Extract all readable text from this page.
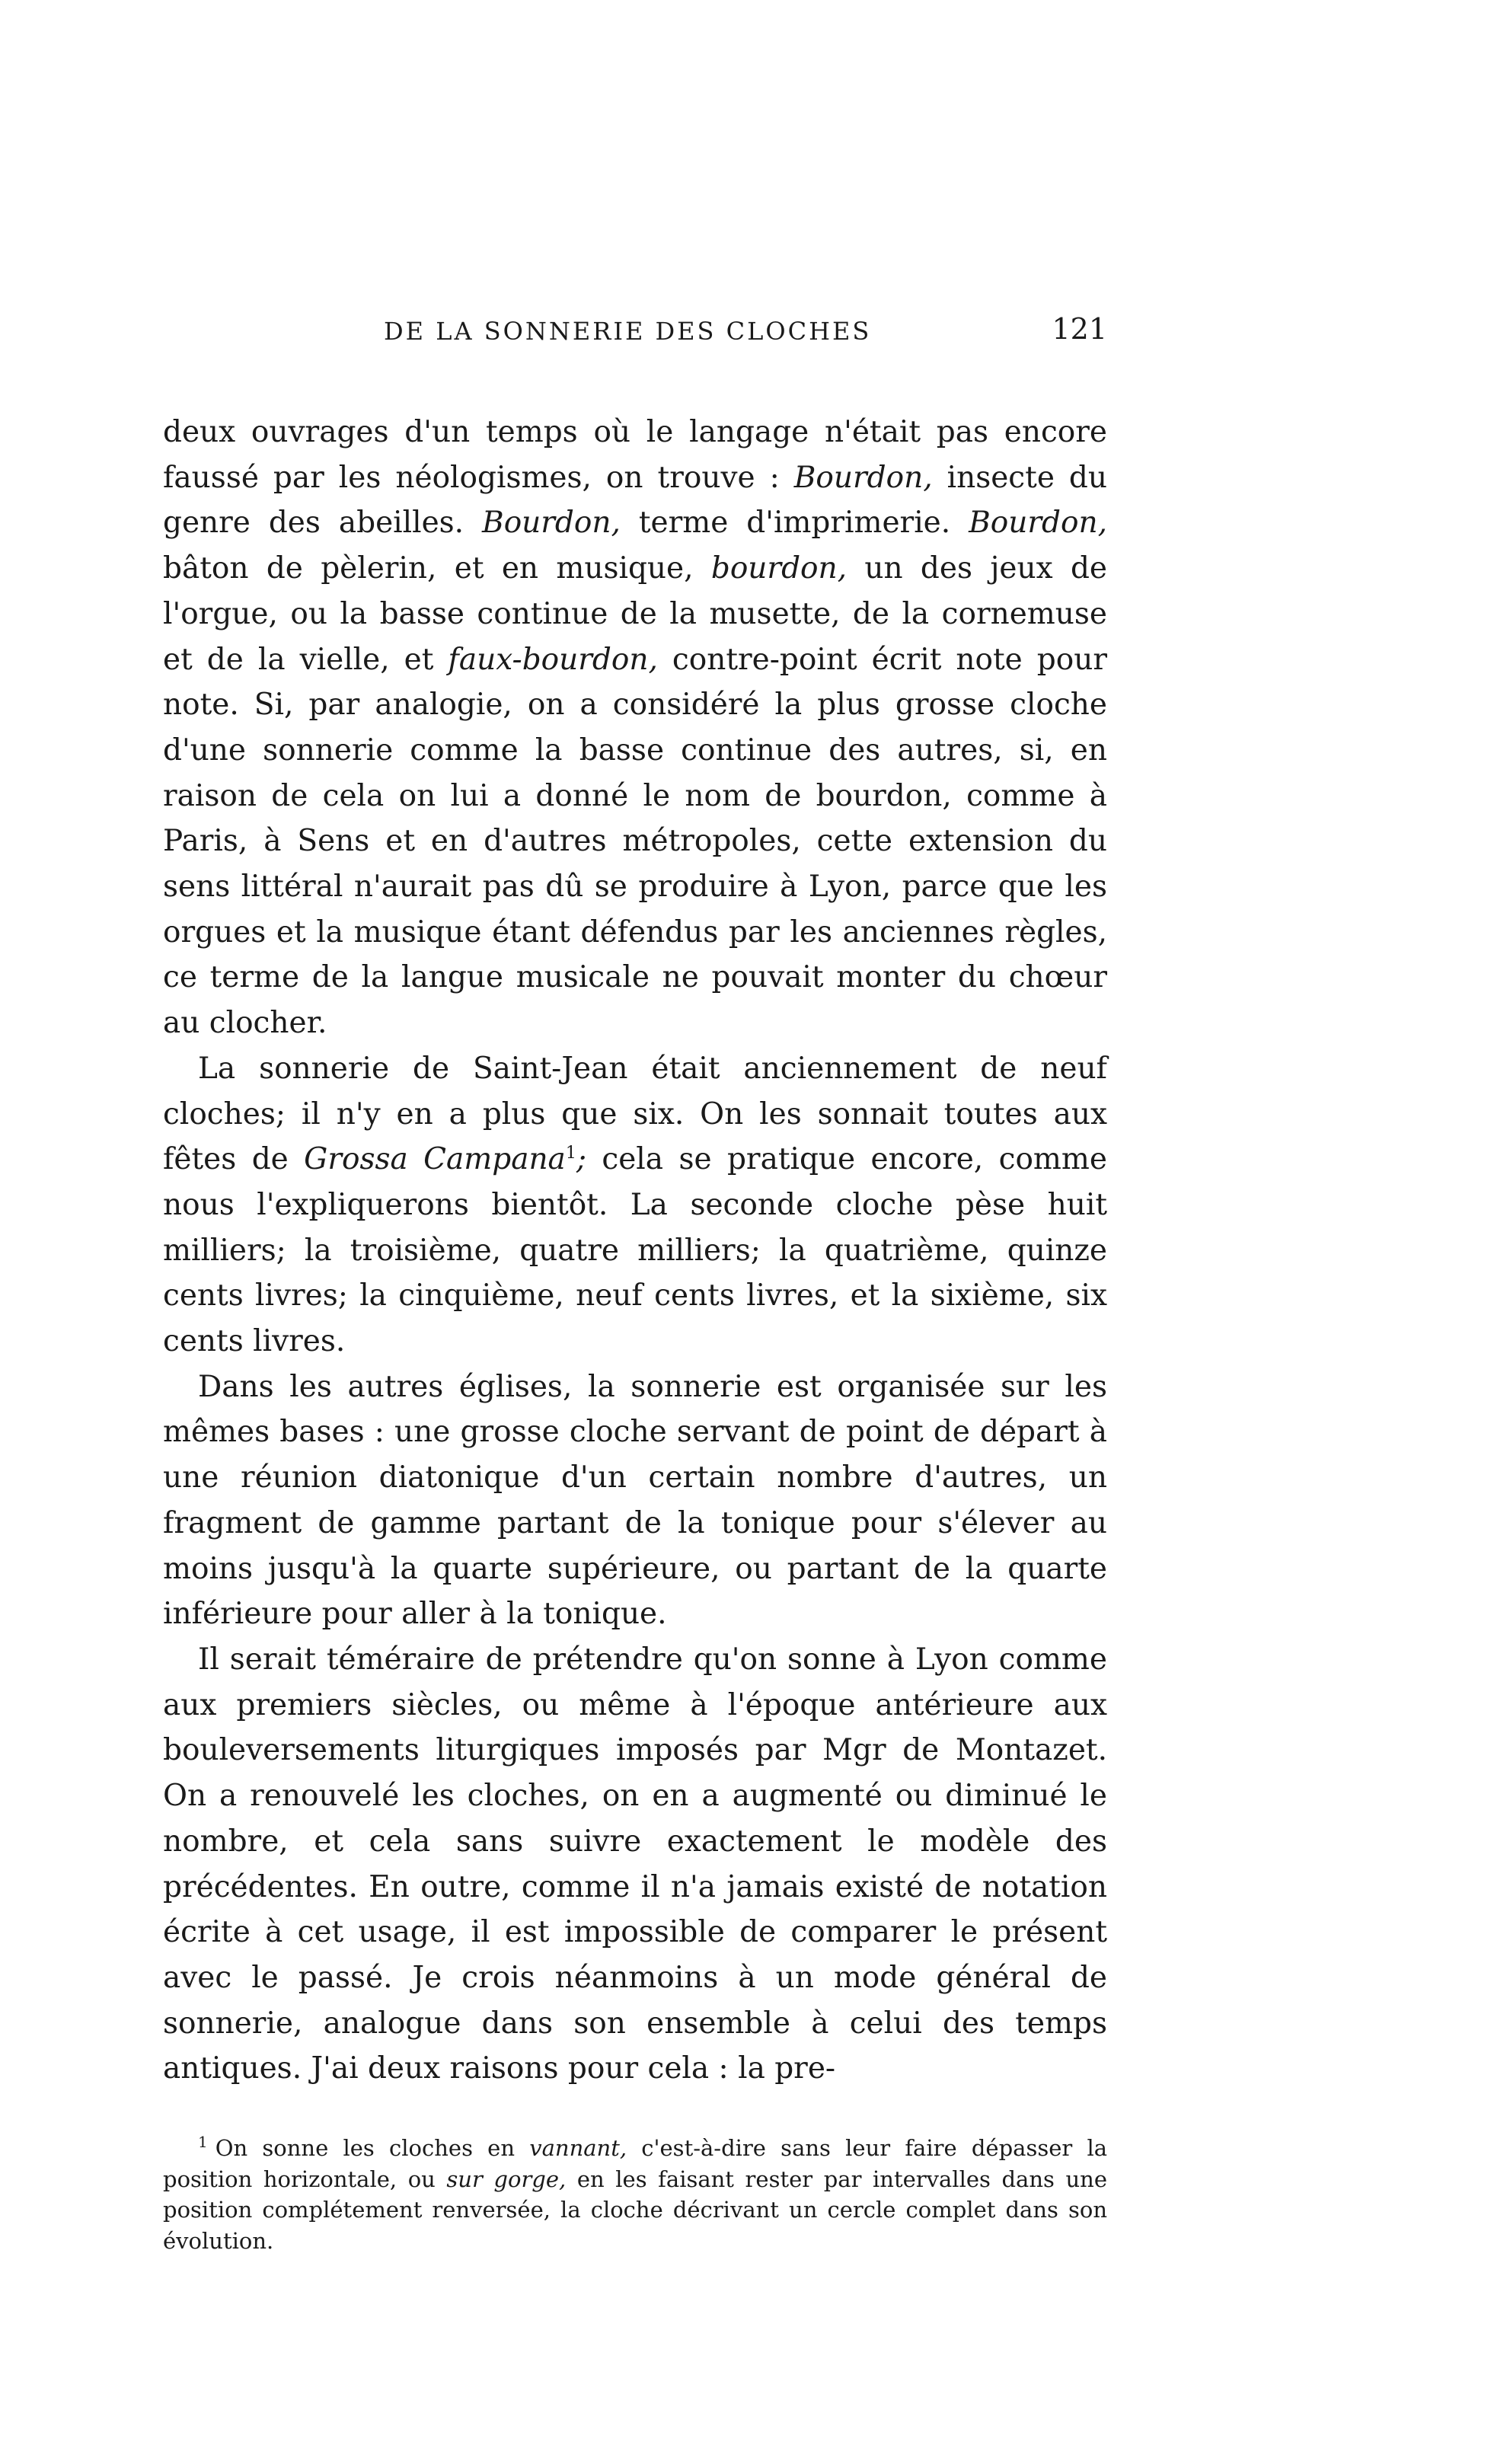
DE LA SONNERIE DES CLOCHES	121

deux ouvrages d'un temps où le langage n'était pas encore faussé par les néologismes, on trouve : Bourdon, insecte du genre des abeilles. Bourdon, terme d'imprimerie. Bourdon, bâton de pèlerin, et en musique, bourdon, un des jeux de l'orgue, ou la basse continue de la musette, de la cornemuse et de la vielle, et faux-bourdon, contre-point écrit note pour note. Si, par analogie, on a considéré la plus grosse cloche d'une sonnerie comme la basse continue des autres, si, en raison de cela on lui a donné le nom de bourdon, comme à Paris, à Sens et en d'autres métropoles, cette extension du sens littéral n'aurait pas dû se produire à Lyon, parce que les orgues et la musique étant défendus par les anciennes règles, ce terme de la langue musicale ne pouvait monter du chœur au clocher.

La sonnerie de Saint-Jean était anciennement de neuf cloches; il n'y en a plus que six. On les sonnait toutes aux fêtes de Grossa Campana$^1$; cela se pratique encore, comme nous l'expliquerons bientôt. La seconde cloche pèse huit milliers; la troisième, quatre milliers; la quatrième, quinze cents livres; la cinquième, neuf cents livres, et la sixième, six cents livres.

Dans les autres églises, la sonnerie est organisée sur les mêmes bases : une grosse cloche servant de point de départ à une réunion diatonique d'un certain nombre d'autres, un fragment de gamme partant de la tonique pour s'élever au moins jusqu'à la quarte supérieure, ou partant de la quarte inférieure pour aller à la tonique.

Il serait téméraire de prétendre qu'on sonne à Lyon comme aux premiers siècles, ou même à l'époque antérieure aux bouleversements liturgiques imposés par Mgr de Montazet. On a renouvelé les cloches, on en a augmenté ou diminué le nombre, et cela sans suivre exactement le modèle des précédentes. En outre, comme il n'a jamais existé de notation écrite à cet usage, il est impossible de comparer le présent avec le passé. Je crois néanmoins à un mode général de sonnerie, analogue dans son ensemble à celui des temps antiques. J'ai deux raisons pour cela : la pre-

$^1$ On sonne les cloches en vannant, c'est-à-dire sans leur faire dépasser la position horizontale, ou sur gorge, en les faisant rester par intervalles dans une position complétement renversée, la cloche décrivant un cercle complet dans son évolution.
